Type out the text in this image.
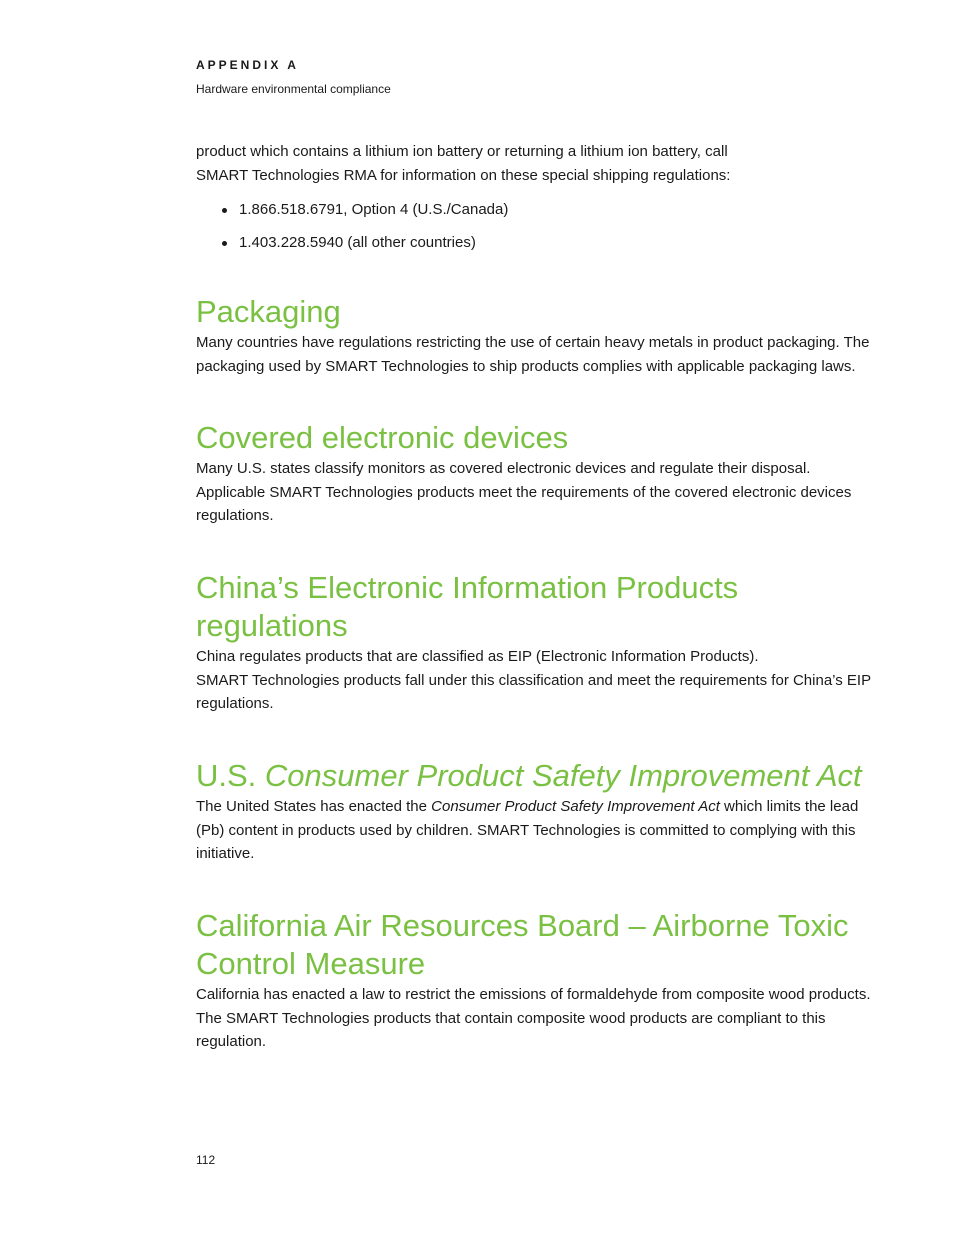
APPENDIX A
Hardware environmental compliance

product which contains a lithium ion battery or returning a lithium ion battery, call

SMART Technologies RMA for information on these special shipping regulations:

1.866.518.6791, Option 4 (U.S./Canada)
1.403.228.5940 (all other countries)
Packaging

Many countries have regulations restricting the use of certain heavy metals in product packaging. The packaging used by SMART Technologies to ship products complies with applicable packaging laws.

Covered electronic devices

Many U.S. states classify monitors as covered electronic devices and regulate their disposal. Applicable SMART Technologies products meet the requirements of the covered electronic devices regulations.

China’s Electronic Information Products regulations

China regulates products that are classified as EIP (Electronic Information Products).

SMART Technologies products fall under this classification and meet the requirements for China’s EIP regulations.

U.S. Consumer Product Safety Improvement Act

The United States has enacted the Consumer Product Safety Improvement Act which limits the lead (Pb) content in products used by children. SMART Technologies is committed to complying with this initiative.

California Air Resources Board – Airborne Toxic Control Measure

California has enacted a law to restrict the emissions of formaldehyde from composite wood products. The SMART Technologies products that contain composite wood products are compliant to this regulation.

112
